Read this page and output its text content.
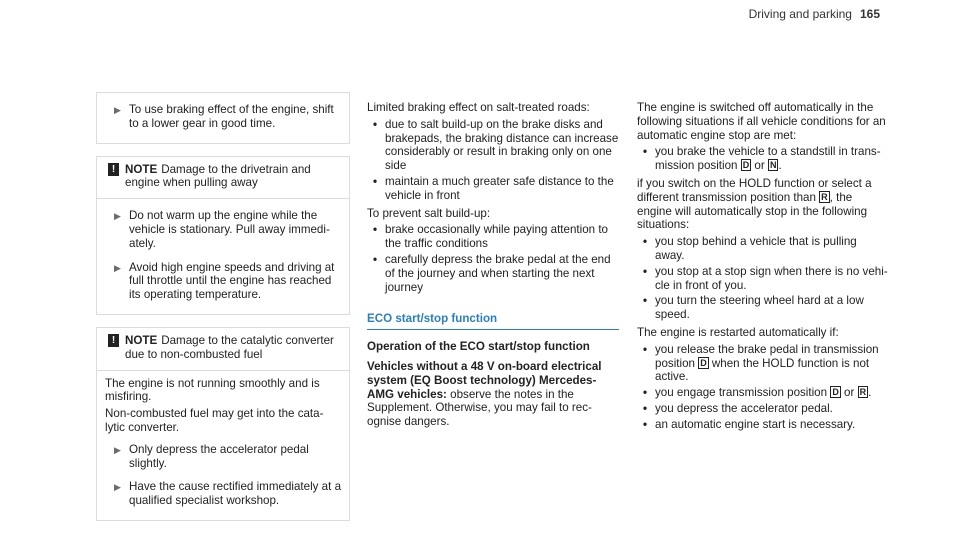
Driving and parking 165
▶ To use braking effect of the engine, shift to a lower gear in good time.
! NOTE Damage to the drivetrain and engine when pulling away
▶ Do not warm up the engine while the vehicle is stationary. Pull away immedi-ately.
▶ Avoid high engine speeds and driving at full throttle until the engine has reached its operating temperature.
! NOTE Damage to the catalytic converter due to non-combusted fuel

The engine is not running smoothly and is misfiring.

Non-combusted fuel may get into the cata-lytic converter.

▶ Only depress the accelerator pedal slightly.
▶ Have the cause rectified immediately at a qualified specialist workshop.

Limited braking effect on salt-treated roads:

• due to salt build-up on the brake disks and brakepads, the braking distance can increase considerably or result in braking only on one side
• maintain a much greater safe distance to the vehicle in front

To prevent salt build-up:

• brake occasionally while paying attention to the traffic conditions
• carefully depress the brake pedal at the end of the journey and when starting the next journey
ECO start/stop function

Operation of the ECO start/stop function

Vehicles without a 48 V on-board electrical system (EQ Boost technology) Mercedes-AMG vehicles: observe the notes in the Supplement. Otherwise, you may fail to rec-ognise dangers.

The engine is switched off automatically in the following situations if all vehicle conditions for an automatic engine stop are met:

• you brake the vehicle to a standstill in trans-mission position D or N .

if you switch on the HOLD function or select a different transmission position than R , the engine will automatically stop in the following situations:

• you stop behind a vehicle that is pulling away.
• you stop at a stop sign when there is no vehi-cle in front of you.
• you turn the steering wheel hard at a low speed.

The engine is restarted automatically if:

• you release the brake pedal in transmission position D when the HOLD function is not active.
• you engage transmission position D or R .
• you depress the accelerator pedal.
• an automatic engine start is necessary.
